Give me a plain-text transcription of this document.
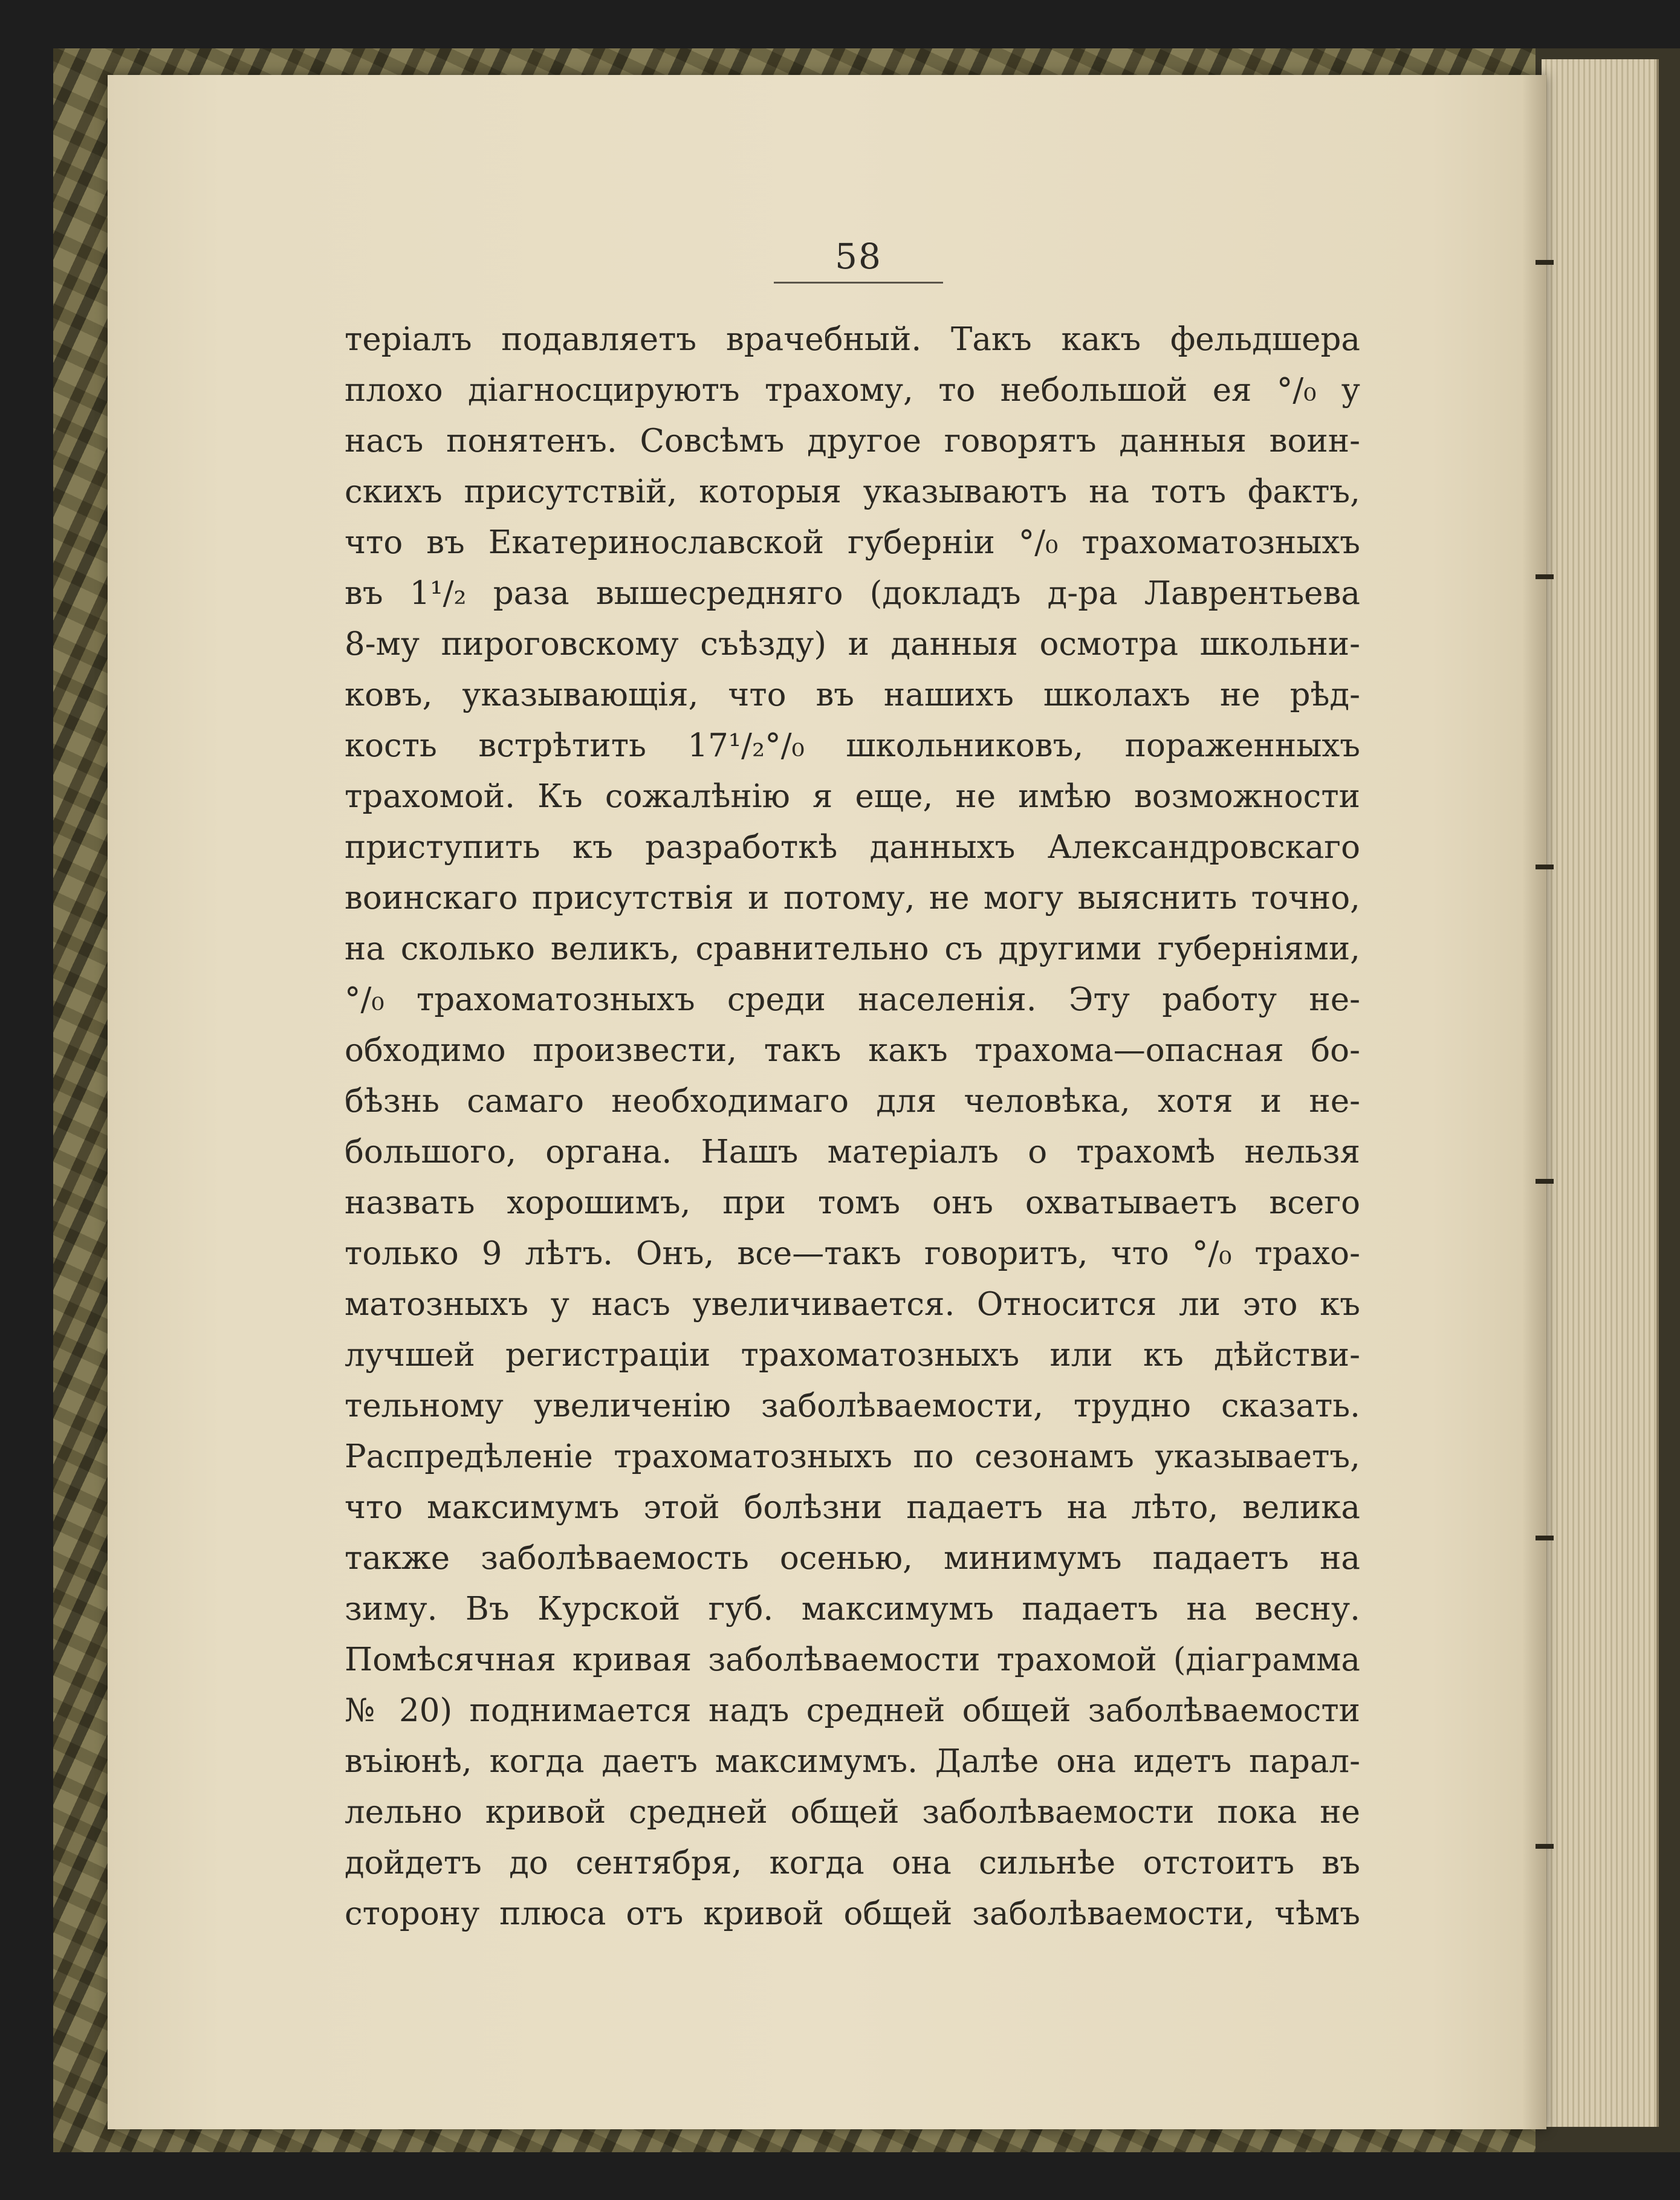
58
теріалъ подавляетъ врачебный. Такъ какъ фельдшера
плохо діагносцируютъ трахому, то небольшой ея °/₀ у
насъ понятенъ. Совсѣмъ другое говорятъ данныя воин-
скихъ присутствій, которыя указываютъ на тотъ фактъ,
что въ Екатеринославской губерніи °/₀ трахоматозныхъ
въ 1¹/₂ раза вышесредняго (докладъ д-ра Лаврентьева
8-му пироговскому съѣзду) и данныя осмотра школьни-
ковъ, указывающія, что въ нашихъ школахъ не рѣд-
кость встрѣтить 17¹/₂°/₀ школьниковъ, пораженныхъ
трахомой. Къ сожалѣнію я еще, не имѣю возможности
приступить къ разработкѣ данныхъ Александровскаго
воинскаго присутствія и потому, не могу выяснить точно,
на сколько великъ, сравнительно съ другими губерніями,
°/₀ трахоматозныхъ среди населенія. Эту работу не-
обходимо произвести, такъ какъ трахома—опасная бо-
бѣзнь самаго необходимаго для человѣка, хотя и не-
большого, органа. Нашъ матеріалъ о трахомѣ нельзя
назвать хорошимъ, при томъ онъ охватываетъ всего
только 9 лѣтъ. Онъ, все—такъ говоритъ, что °/₀ трахо-
матозныхъ у насъ увеличивается. Относится ли это къ
лучшей регистраціи трахоматозныхъ или къ дѣйстви-
тельному увеличенію заболѣваемости, трудно сказать.
Распредѣленіе трахоматозныхъ по сезонамъ указываетъ,
что максимумъ этой болѣзни падаетъ на лѣто, велика
также заболѣваемость осенью, минимумъ падаетъ на
зиму. Въ Курской губ. максимумъ падаетъ на весну.
Помѣсячная кривая заболѣваемости трахомой (діаграмма
№ 20) поднимается надъ средней общей заболѣваемости
въіюнѣ, когда даетъ максимумъ. Далѣе она идетъ парал-
лельно кривой средней общей заболѣваемости пока не
дойдетъ до сентября, когда она сильнѣе отстоитъ въ
сторону плюса отъ кривой общей заболѣваемости, чѣмъ
